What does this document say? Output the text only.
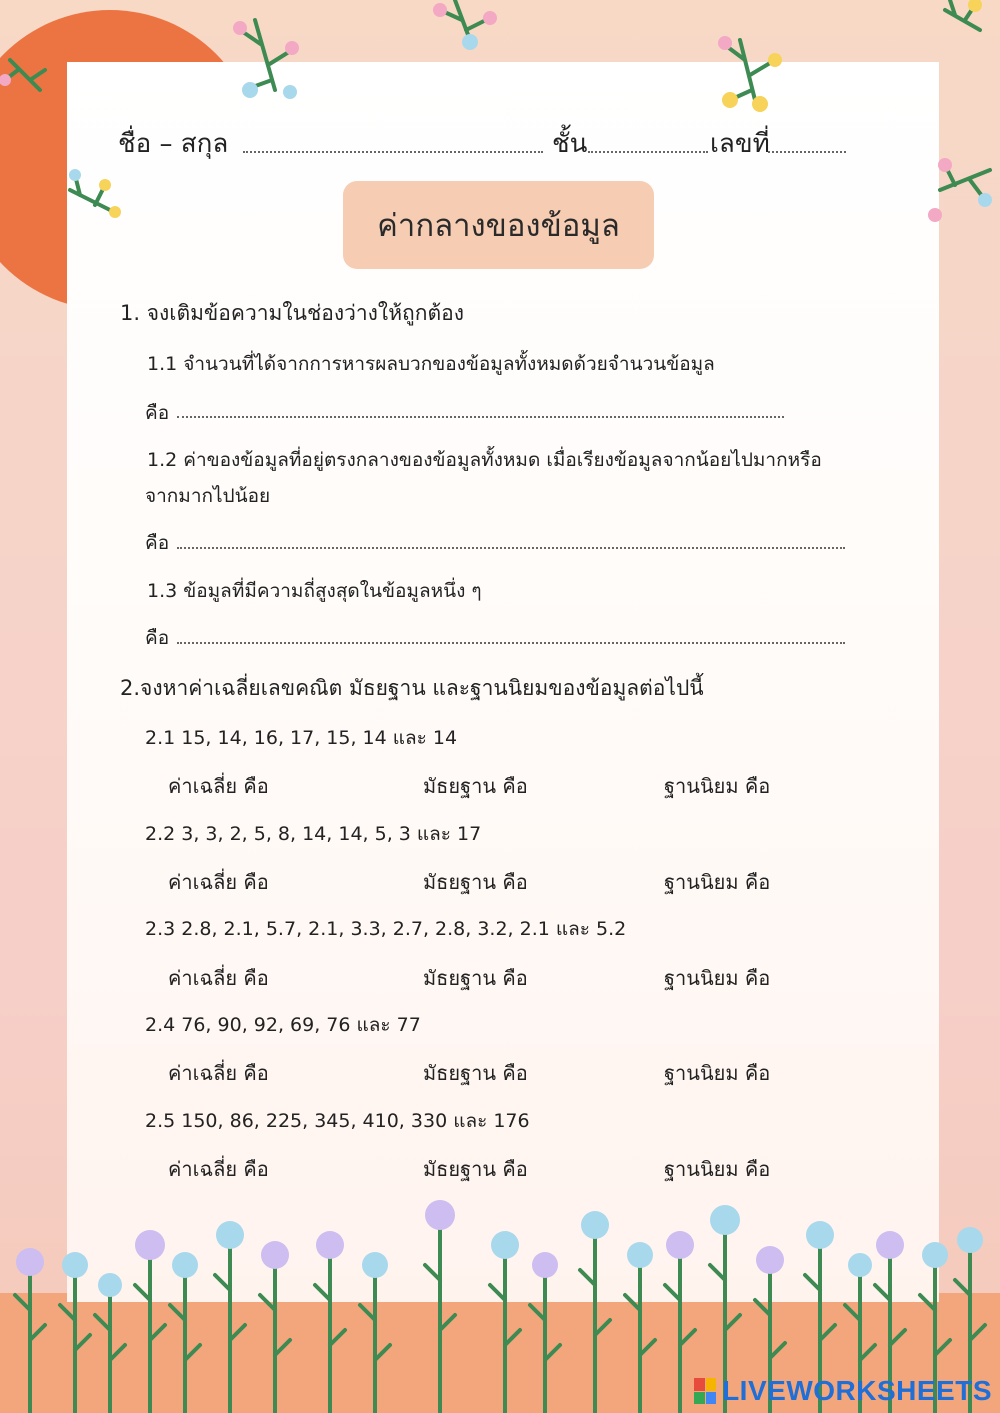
ชื่อ – สกุล	ชั้น	เลขที่
ค่ากลางของข้อมูล
1. จงเติมข้อความในช่องว่างให้ถูกต้อง
1.1 จำนวนที่ได้จากการหารผลบวกของข้อมูลทั้งหมดด้วยจำนวนข้อมูล
คือ
1.2 ค่าของข้อมูลที่อยู่ตรงกลางของข้อมูลทั้งหมด เมื่อเรียงข้อมูลจากน้อยไปมากหรือ
จากมากไปน้อย
คือ
1.3 ข้อมูลที่มีความถี่สูงสุดในข้อมูลหนึ่ง ๆ
คือ
2.จงหาค่าเฉลี่ยเลขคณิต มัธยฐาน และฐานนิยมของข้อมูลต่อไปนี้
2.1 15, 14, 16, 17, 15, 14 และ 14
ค่าเฉลี่ย คือ	มัธยฐาน คือ	ฐานนิยม คือ
2.2 3, 3, 2, 5, 8, 14, 14, 5, 3 และ 17
ค่าเฉลี่ย คือ	มัธยฐาน คือ	ฐานนิยม คือ
2.3 2.8, 2.1, 5.7, 2.1, 3.3, 2.7, 2.8, 3.2, 2.1 และ 5.2
ค่าเฉลี่ย คือ	มัธยฐาน คือ	ฐานนิยม คือ
2.4 76, 90, 92, 69, 76 และ 77
ค่าเฉลี่ย คือ	มัธยฐาน คือ	ฐานนิยม คือ
2.5 150, 86, 225, 345, 410, 330 และ 176
ค่าเฉลี่ย คือ	มัธยฐาน คือ	ฐานนิยม คือ
LIVEWORKSHEETS
